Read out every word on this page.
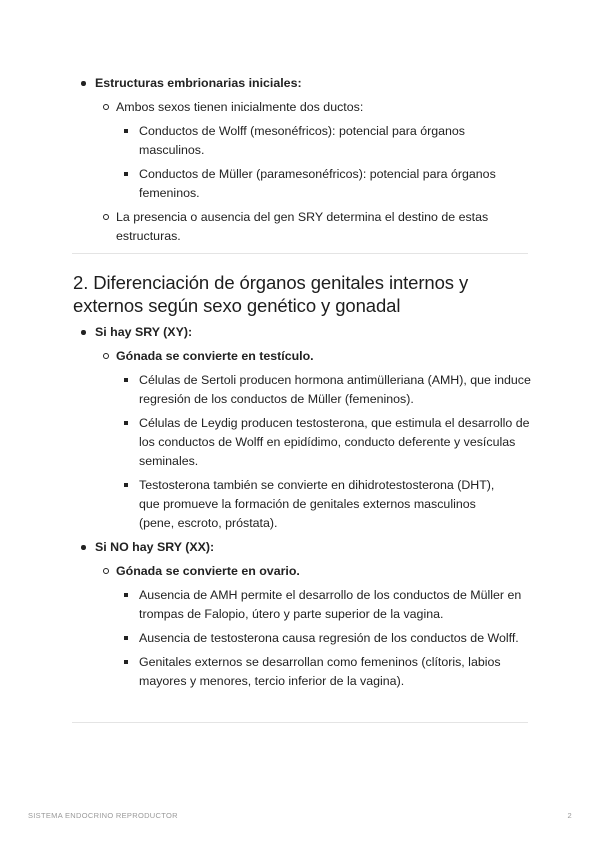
Estructuras embrionarias iniciales:
Ambos sexos tienen inicialmente dos ductos:
Conductos de Wolff (mesonéfricos): potencial para órganos masculinos.
Conductos de Müller (paramesonéfricos): potencial para órganos femeninos.
La presencia o ausencia del gen SRY determina el destino de estas estructuras.
2. Diferenciación de órganos genitales internos y externos según sexo genético y gonadal
Si hay SRY (XY):
Gónada se convierte en testículo.
Células de Sertoli producen hormona antimülleriana (AMH), que induce regresión de los conductos de Müller (femeninos).
Células de Leydig producen testosterona, que estimula el desarrollo de los conductos de Wolff en epidídimo, conducto deferente y vesículas seminales.
Testosterona también se convierte en dihidrotestosterona (DHT), que promueve la formación de genitales externos masculinos (pene, escroto, próstata).
Si NO hay SRY (XX):
Gónada se convierte en ovario.
Ausencia de AMH permite el desarrollo de los conductos de Müller en trompas de Falopio, útero y parte superior de la vagina.
Ausencia de testosterona causa regresión de los conductos de Wolff.
Genitales externos se desarrollan como femeninos (clítoris, labios mayores y menores, tercio inferior de la vagina).
SISTEMA ENDOCRINO REPRODUCTOR	2
